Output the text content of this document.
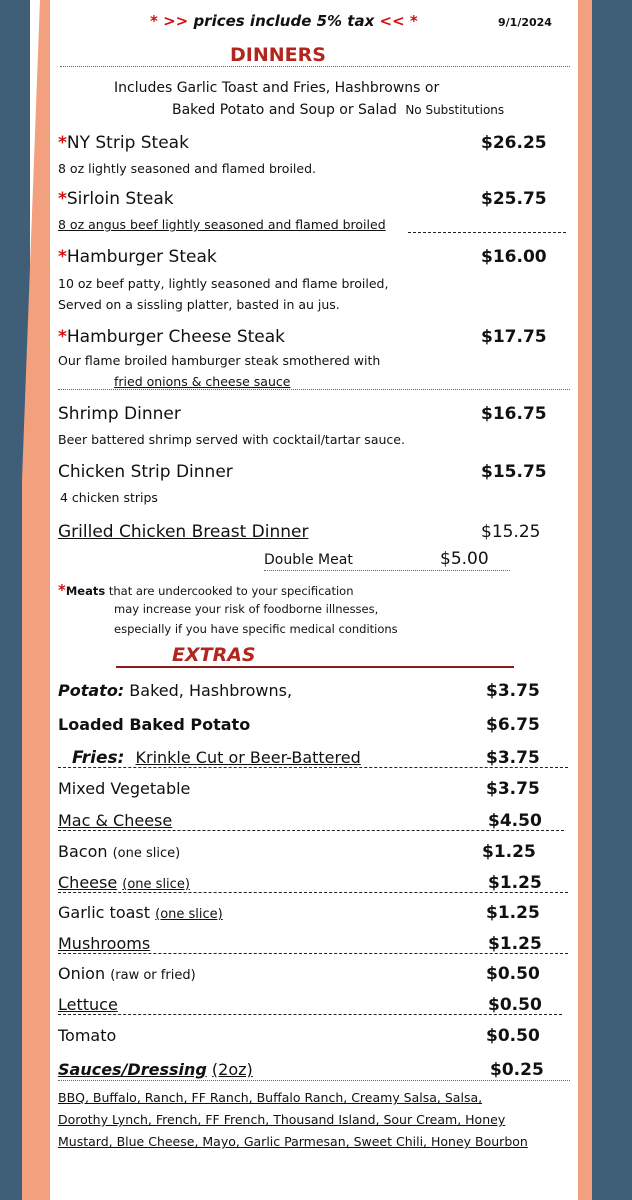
* >> prices include 5% tax << *	9/1/2024
DINNERS
Includes Garlic Toast and Fries, Hashbrowns or
Baked Potato and Soup or Salad No Substitutions
*NY Strip Steak	$26.25
8 oz lightly seasoned and flamed broiled.
*Sirloin Steak	$25.75
8 oz angus beef lightly seasoned and flamed broiled
*Hamburger Steak	$16.00
10 oz beef patty, lightly seasoned and flame broiled,
Served on a sissling platter, basted in au jus.
*Hamburger Cheese Steak	$17.75
Our flame broiled hamburger steak smothered with
fried onions & cheese sauce
Shrimp Dinner	$16.75
Beer battered shrimp served with cocktail/tartar sauce.
Chicken Strip Dinner	$15.75
4 chicken strips
Grilled Chicken Breast Dinner	$15.25
Double Meat	$5.00
*Meats that are undercooked to your specification
may increase your risk of foodborne illnesses,
especially if you have specific medical conditions
EXTRAS
Potato: Baked, Hashbrowns,	$3.75
Loaded Baked Potato	$6.75
Fries: Krinkle Cut or Beer-Battered	$3.75
Mixed Vegetable	$3.75
Mac & Cheese	$4.50
Bacon (one slice)	$1.25
Cheese (one slice)	$1.25
Garlic toast (one slice)	$1.25
Mushrooms	$1.25
Onion (raw or fried)	$0.50
Lettuce	$0.50
Tomato	$0.50
Sauces/Dressing (2oz)	$0.25
BBQ, Buffalo, Ranch, FF Ranch, Buffalo Ranch, Creamy Salsa, Salsa,
Dorothy Lynch, French, FF French, Thousand Island, Sour Cream, Honey
Mustard, Blue Cheese, Mayo, Garlic Parmesan, Sweet Chili, Honey Bourbon
